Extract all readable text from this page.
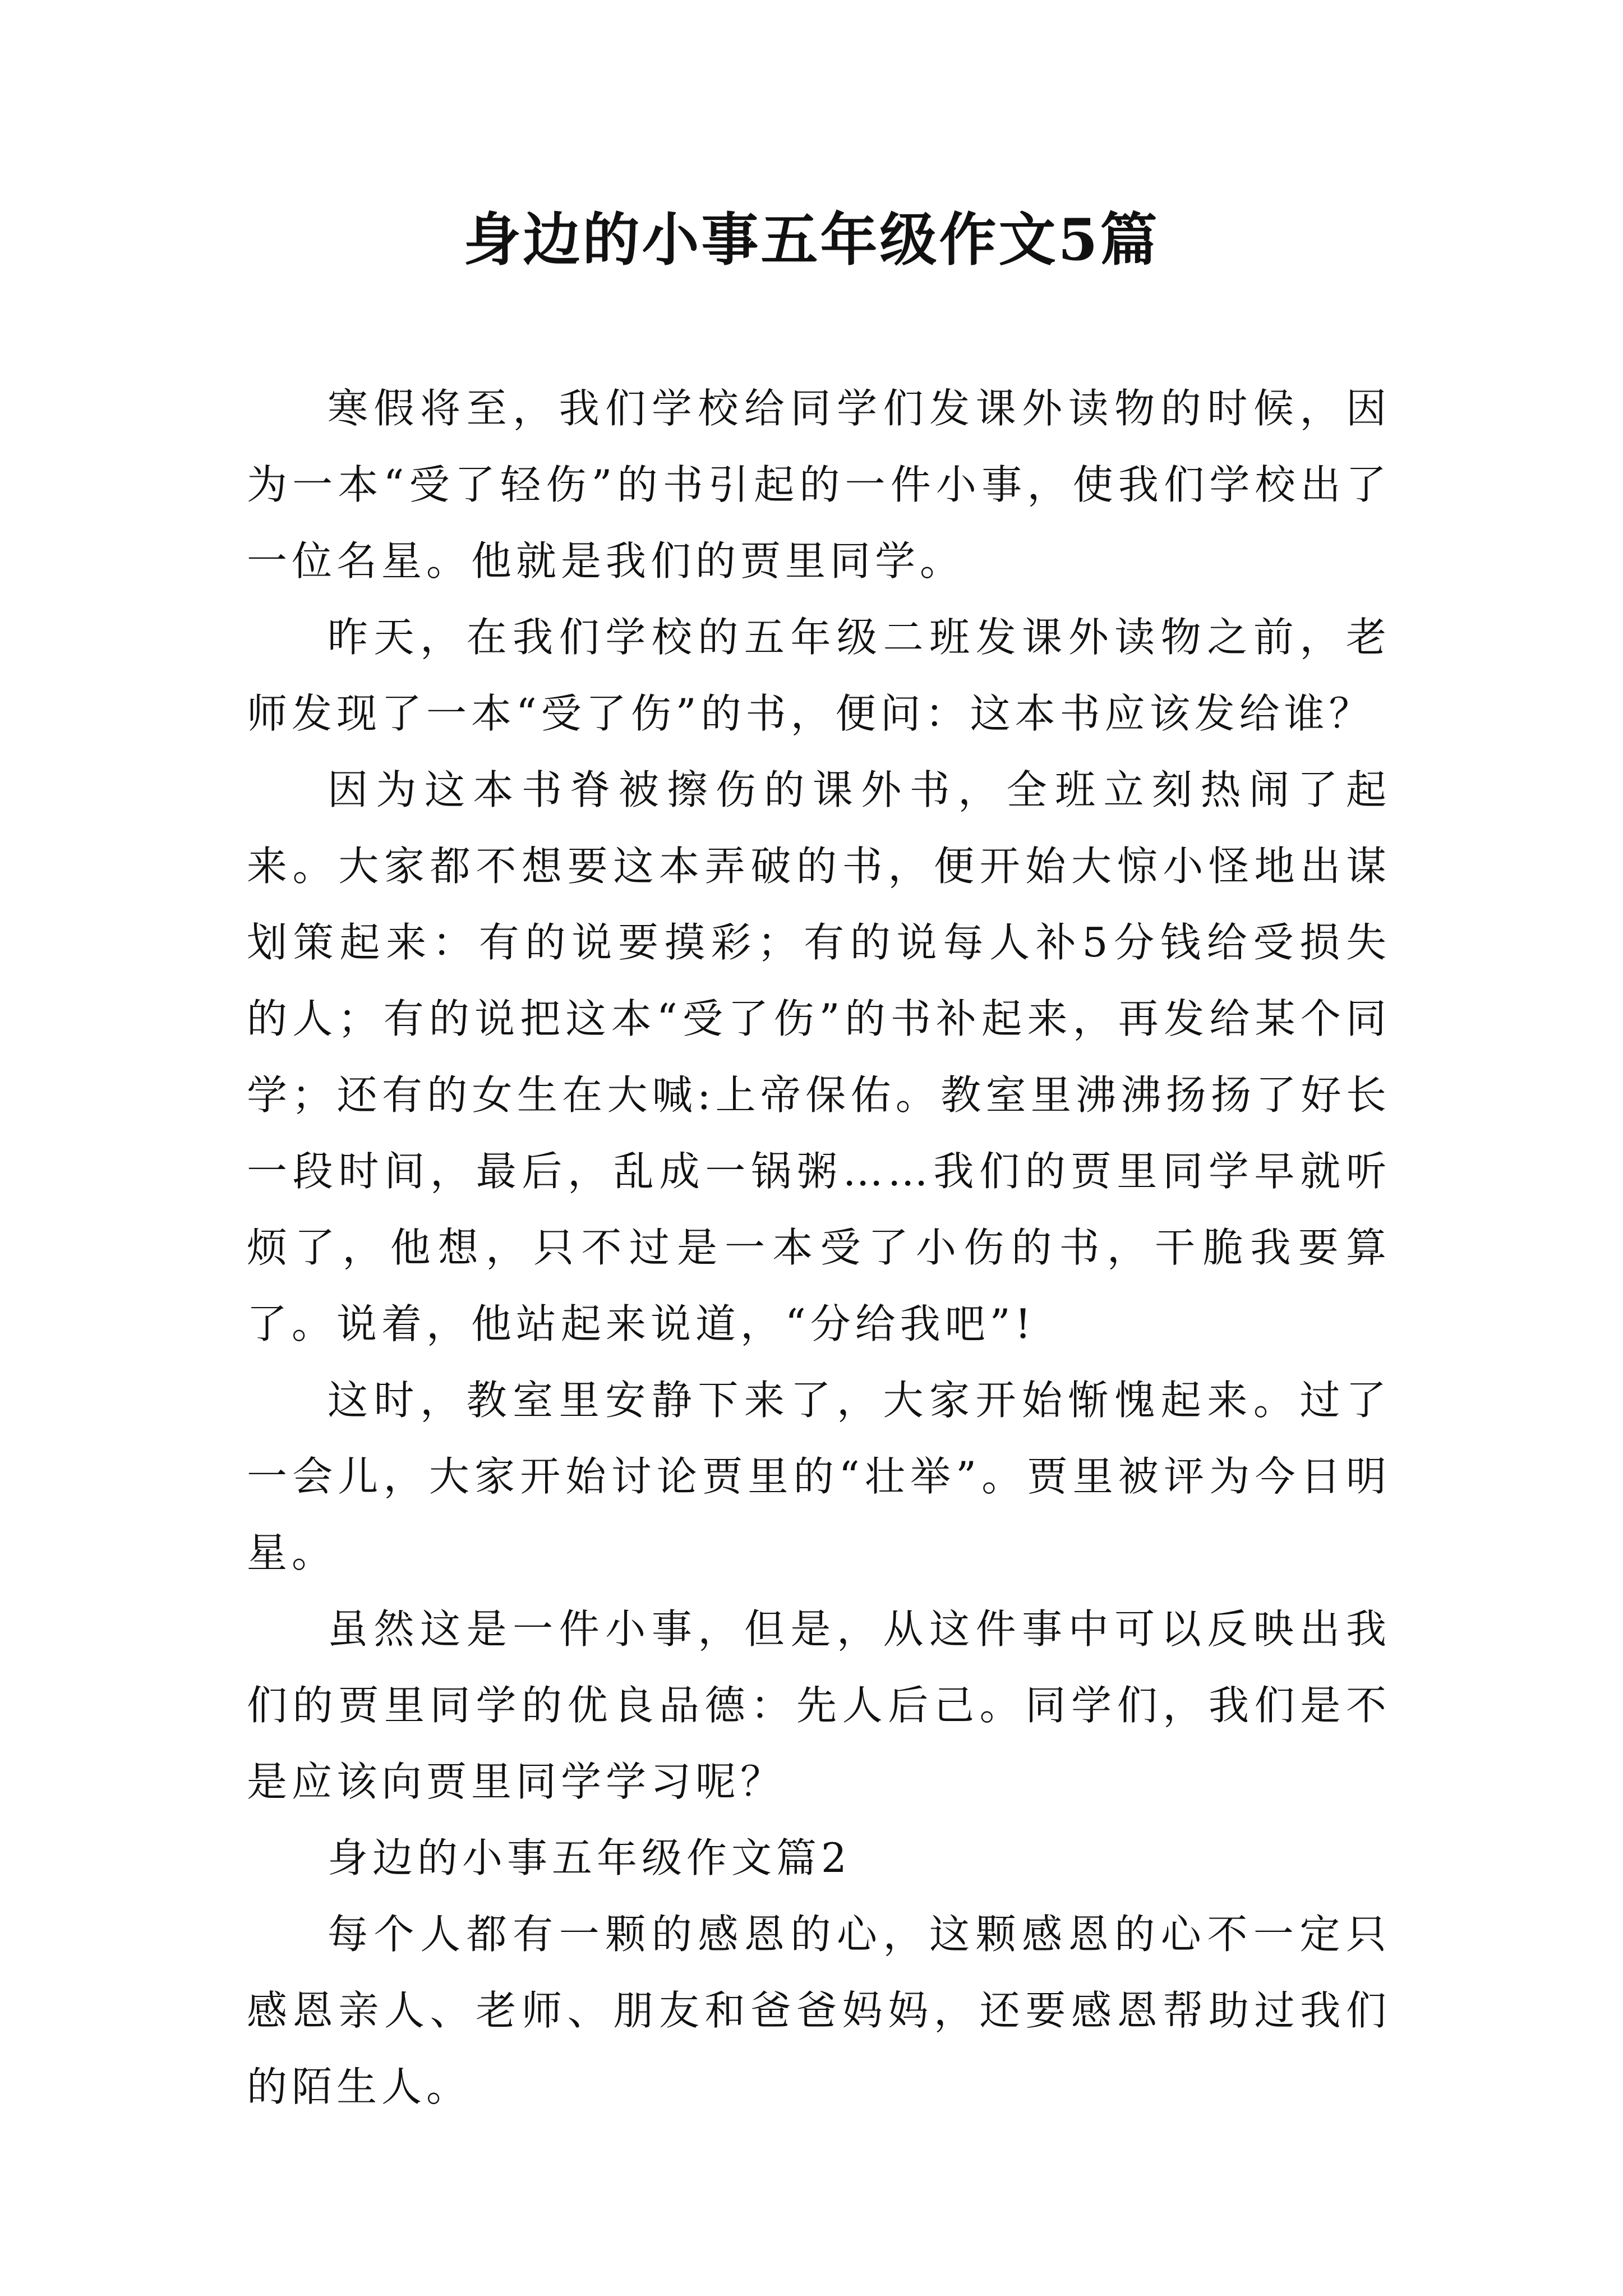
身边的小事五年级作文5篇

寒假将至，我们学校给同学们发课外读物的时候，因为一本“受了轻伤”的书引起的一件小事，使我们学校出了一位名星。他就是我们的贾里同学。

昨天，在我们学校的五年级二班发课外读物之前，老师发现了一本“受了伤”的书，便问：这本书应该发给谁？

因为这本书脊被擦伤的课外书，全班立刻热闹了起来。大家都不想要这本弄破的书，便开始大惊小怪地出谋划策起来：有的说要摸彩；有的说每人补5分钱给受损失的人；有的说把这本“受了伤”的书补起来，再发给某个同学；还有的女生在大喊:上帝保佑。教室里沸沸扬扬了好长一段时间，最后，乱成一锅粥……我们的贾里同学早就听烦了，他想，只不过是一本受了小伤的书，干脆我要算了。说着，他站起来说道，“分给我吧”!

这时，教室里安静下来了，大家开始惭愧起来。过了一会儿，大家开始讨论贾里的“壮举”。贾里被评为今日明星。

虽然这是一件小事，但是，从这件事中可以反映出我们的贾里同学的优良品德：先人后己。同学们，我们是不是应该向贾里同学学习呢？

身边的小事五年级作文篇2

每个人都有一颗的感恩的心，这颗感恩的心不一定只感恩亲人、老师、朋友和爸爸妈妈，还要感恩帮助过我们的陌生人。
